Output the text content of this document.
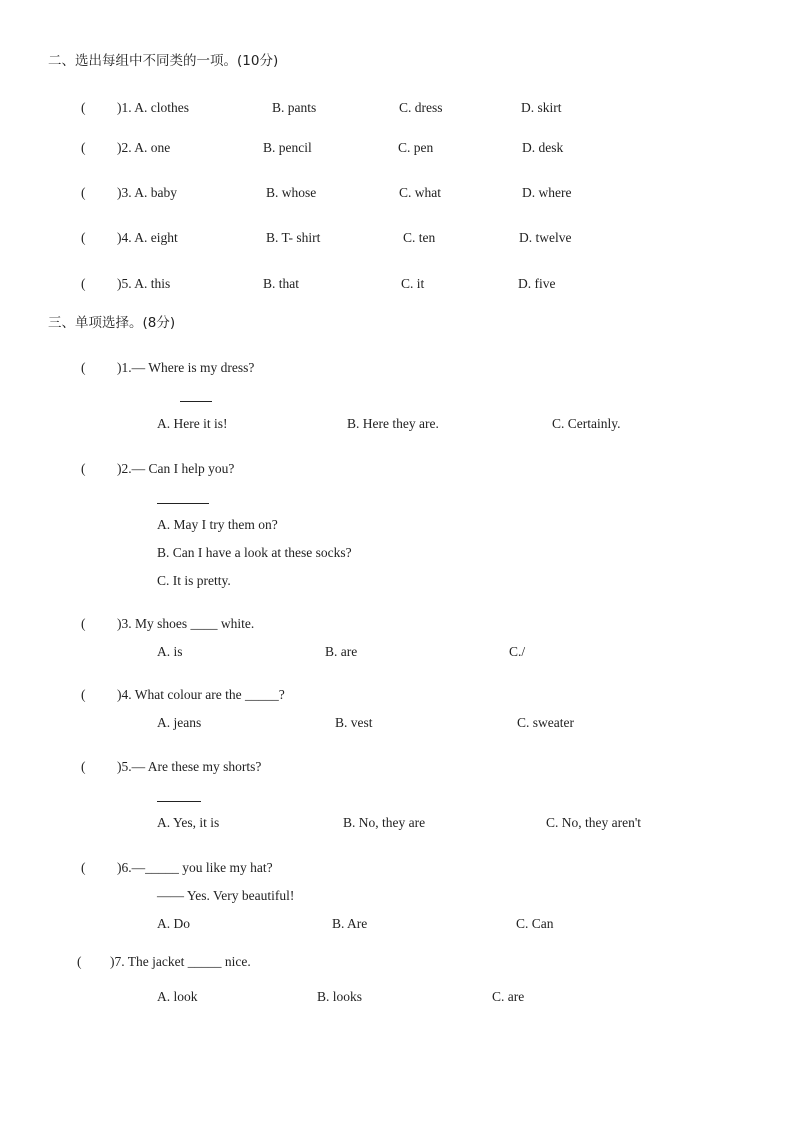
二、选出每组中不同类的一项。(10分)
( )1. A. clothes	B. pants	C. dress	D. skirt
( )2. A. one	B. pencil	C. pen	D. desk
( )3. A. baby	B. whose	C. what	D. where
( )4. A. eight	B. T- shirt	C. ten	D. twelve
( )5. A. this	B. that	C. it	D. five
三、单项选择。(8分)
( )1.— Where is my dress?
A. Here it is!	B. Here they are.	C. Certainly.
( )2.— Can I help you?
A. May I try them on?
B. Can I have a look at these socks?
C. It is pretty.
( )3. My shoes ____ white.
A. is	B. are	C./
( )4. What colour are the _____?
A. jeans	B. vest	C. sweater
( )5.— Are these my shorts?
A. Yes, it is	B. No, they are	C. No, they aren't
( )6.—_____ you like my hat?
—— Yes. Very beautiful!
A. Do	B. Are	C. Can
( )7. The jacket _____ nice.
A. look	B. looks	C. are
